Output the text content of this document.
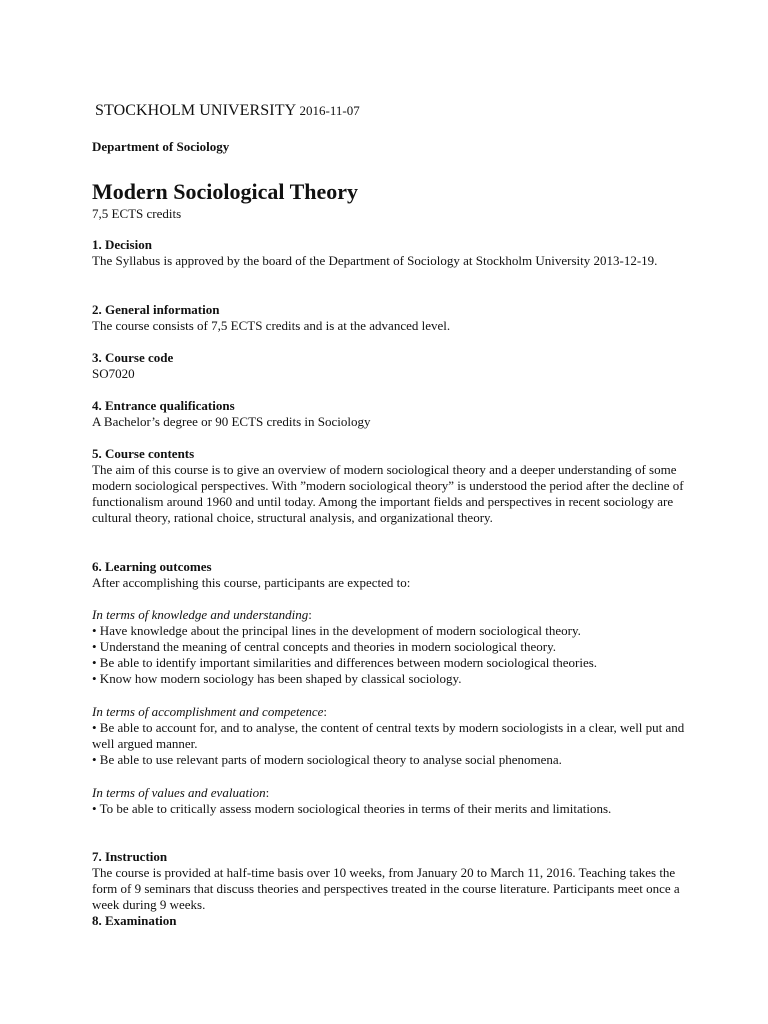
STOCKHOLM UNIVERSITY 2016-11-07
Department of Sociology
Modern Sociological Theory
7,5 ECTS credits
1. Decision

The Syllabus is approved by the board of the Department of Sociology at Stockholm University 2013-12-19.

2. General information

The course consists of 7,5 ECTS credits and is at the advanced level.

3. Course code

SO7020

4. Entrance qualifications

A Bachelor’s degree or 90 ECTS credits in Sociology

5. Course contents

The aim of this course is to give an overview of modern sociological theory and a deeper understanding of some modern sociological perspectives. With ”modern sociological theory” is understood the period after the decline of functionalism around 1960 and until today. Among the important fields and perspectives in recent sociology are cultural theory, rational choice, structural analysis, and organizational theory.

6. Learning outcomes

After accomplishing this course, participants are expected to:

In terms of knowledge and understanding:

• Have knowledge about the principal lines in the development of modern sociological theory.
• Understand the meaning of central concepts and theories in modern sociological theory.
• Be able to identify important similarities and differences between modern sociological theories.
• Know how modern sociology has been shaped by classical sociology.

In terms of accomplishment and competence:

• Be able to account for, and to analyse, the content of central texts by modern sociologists in a clear, well put and well argued manner.
• Be able to use relevant parts of modern sociological theory to analyse social phenomena.

In terms of values and evaluation:

• To be able to critically assess modern sociological theories in terms of their merits and limitations.
7. Instruction

The course is provided at half-time basis over 10 weeks, from January 20 to March 11, 2016. Teaching takes the form of 9 seminars that discuss theories and perspectives treated in the course literature. Participants meet once a week during 9 weeks.

8. Examination
